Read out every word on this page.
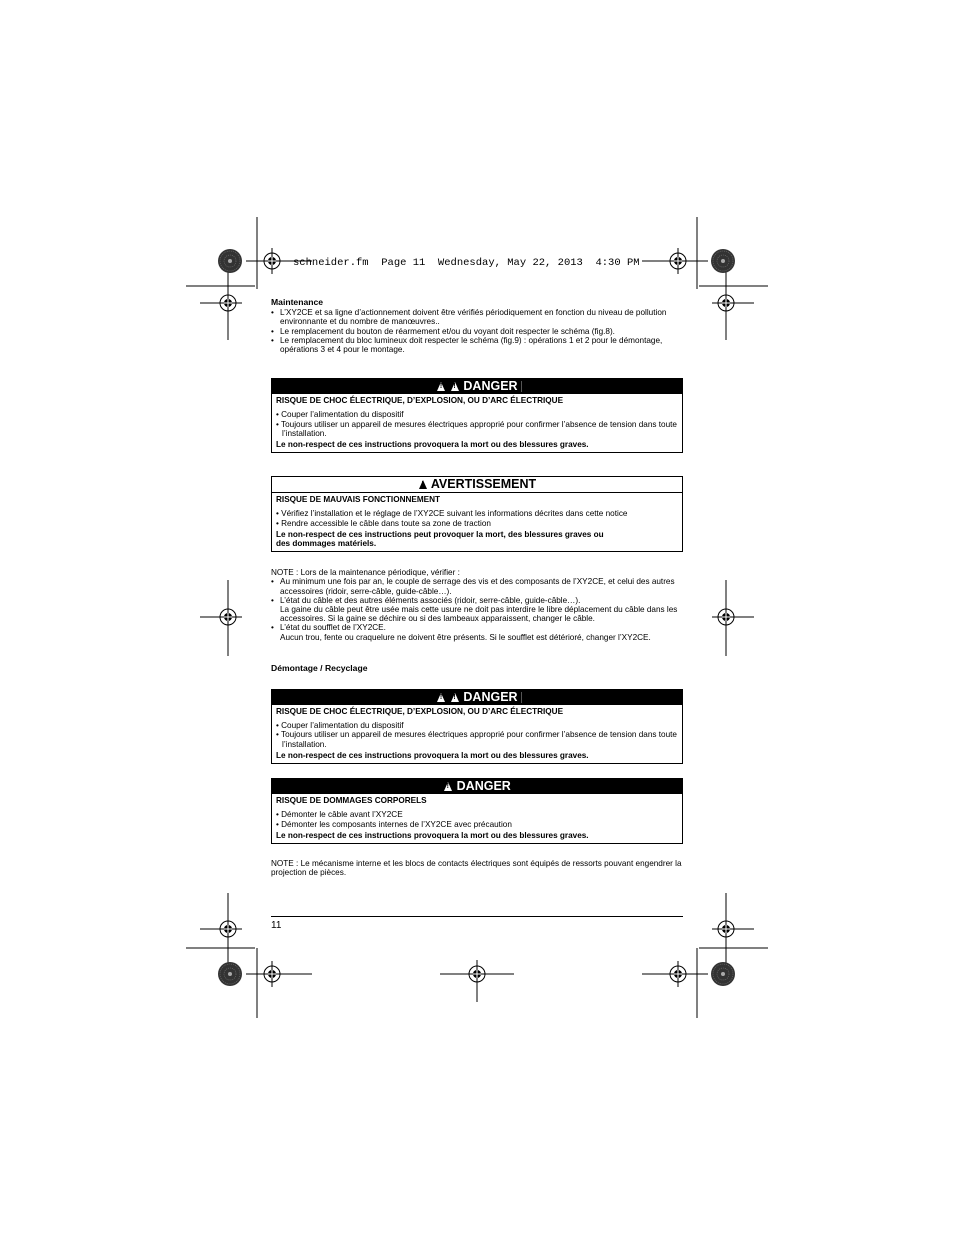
schneider.fm  Page 11  Wednesday, May 22, 2013  4:30 PM

Maintenance

• L’XY2CE et sa ligne d’actionnement doivent être vérifiés périodiquement en fonction du niveau de pollution environnante et du nombre de manœuvres..
• Le remplacement du bouton de réarmement et/ou du voyant doit respecter le schéma (fig.8).
• Le remplacement du bloc lumineux doit respecter le schéma (fig.9) : opérations 1 et 2 pour le démontage, opérations 3 et 4 pour le montage.
! ! DANGER
RISQUE DE CHOC ÉLECTRIQUE, D’EXPLOSION, OU D’ARC ÉLECTRIQUE
• Couper l’alimentation du dispositif
• Toujours utiliser un appareil de mesures électriques approprié pour confirmer l’absence de tension dans toute l’installation.
Le non-respect de ces instructions provoquera la mort ou des blessures graves.
! AVERTISSEMENT
RISQUE DE MAUVAIS FONCTIONNEMENT
• Vérifiez l’installation et le réglage de l’XY2CE suivant les informations décrites dans cette notice
• Rendre accessible le câble dans toute sa zone de traction
Le non-respect de ces instructions peut provoquer la mort, des blessures graves ou
des dommages matériels.
NOTE : Lors de la maintenance périodique, vérifier :
• Au minimum une fois par an, le couple de serrage des vis et des composants de l’XY2CE, et celui des autres accessoires (ridoir, serre-câble, guide-câble…).
• L’état du câble et des autres éléments associés (ridoir, serre-câble, guide-câble…).
La gaine du câble peut être usée mais cette usure ne doit pas interdire le libre déplacement du câble dans les accessoires. Si la gaine se déchire ou si des lambeaux apparaissent, changer le câble.
• L’état du soufflet de l’XY2CE.
Aucun trou, fente ou craquelure ne doivent être présents. Si le soufflet est détérioré, changer l’XY2CE.

Démontage / Recyclage

! ! DANGER
RISQUE DE CHOC ÉLECTRIQUE, D’EXPLOSION, OU D’ARC ÉLECTRIQUE
• Couper l’alimentation du dispositif
• Toujours utiliser un appareil de mesures électriques approprié pour confirmer l’absence de tension dans toute l’installation.
Le non-respect de ces instructions provoquera la mort ou des blessures graves.
! DANGER
RISQUE DE DOMMAGES CORPORELS
• Démonter le câble avant l’XY2CE
• Démonter les composants internes de l’XY2CE avec précaution
Le non-respect de ces instructions provoquera la mort ou des blessures graves.
NOTE : Le mécanisme interne et les blocs de contacts électriques sont équipés de ressorts pouvant engendrer la projection de pièces.
11
